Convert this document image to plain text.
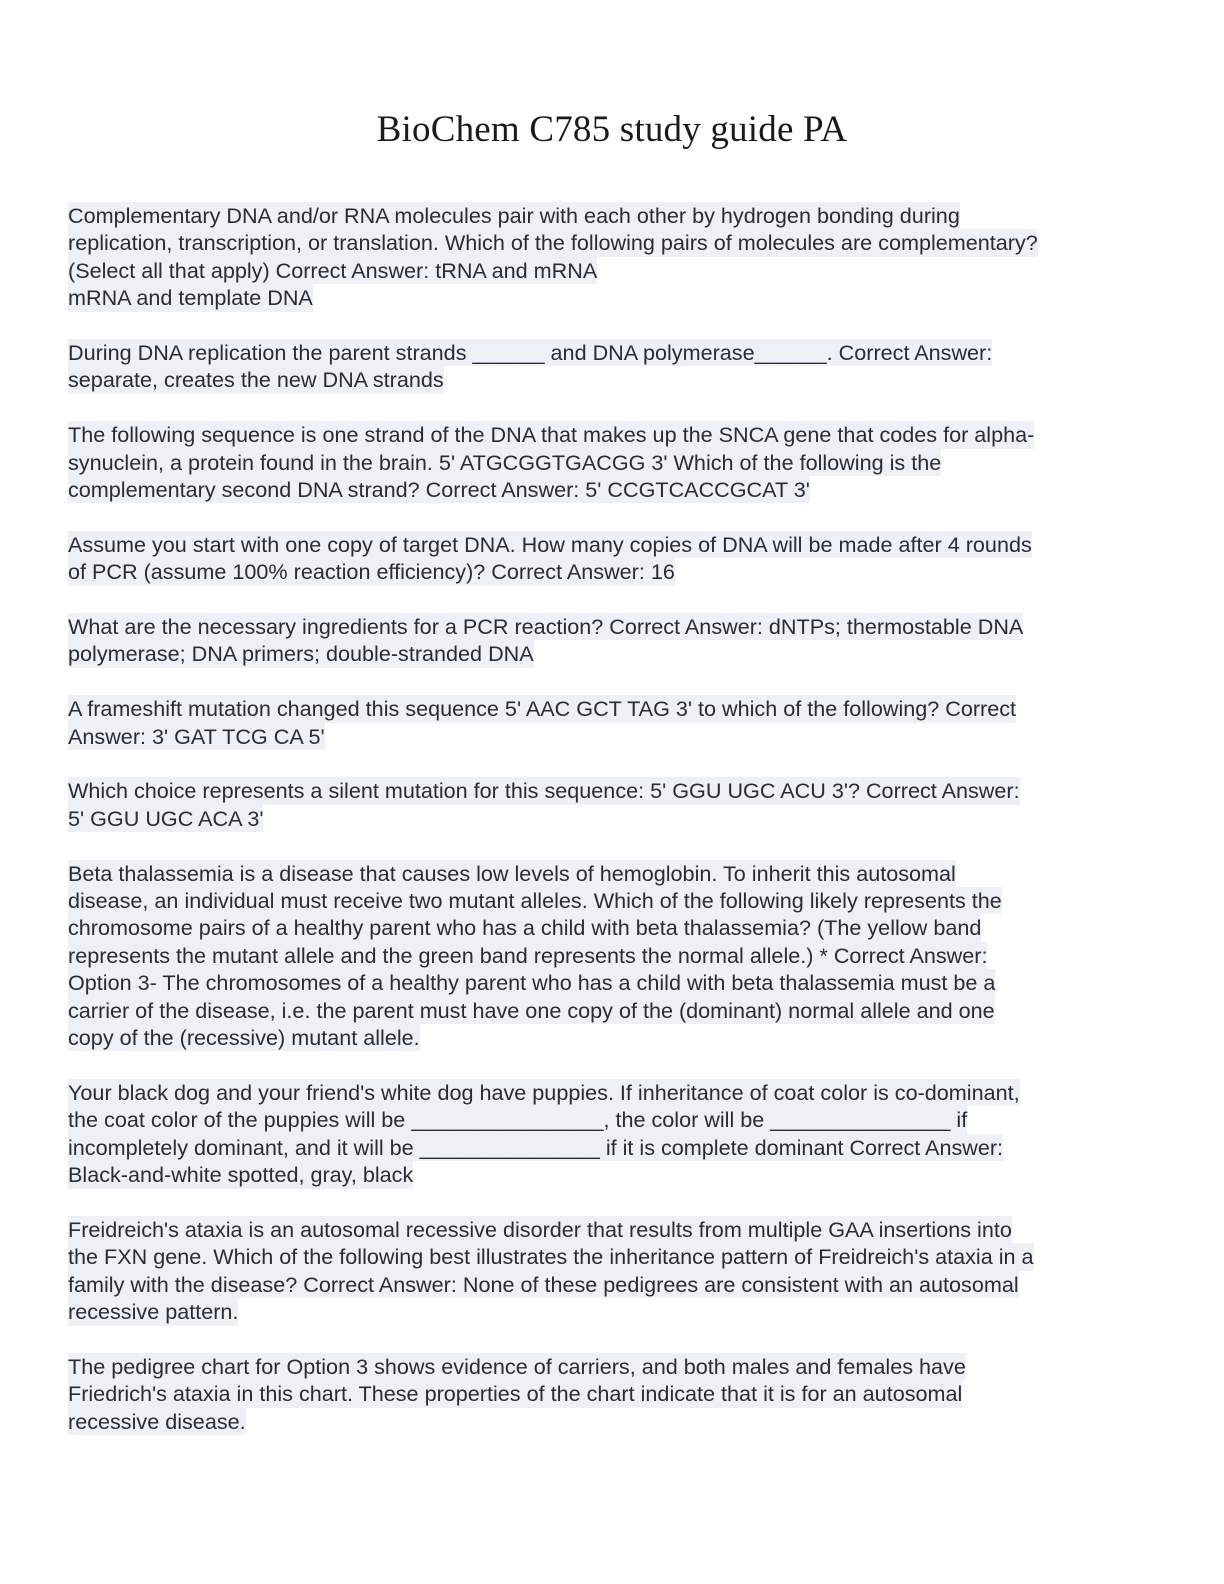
BioChem C785 study guide PA
Complementary DNA and/or RNA molecules pair with each other by hydrogen bonding during
replication, transcription, or translation. Which of the following pairs of molecules are complementary?
(Select all that apply) Correct Answer: tRNA and mRNA
mRNA and template DNA
During DNA replication the parent strands ______ and DNA polymerase______. Correct Answer:
separate, creates the new DNA strands
The following sequence is one strand of the DNA that makes up the SNCA gene that codes for alpha-
synuclein, a protein found in the brain. 5' ATGCGGTGACGG 3' Which of the following is the
complementary second DNA strand? Correct Answer: 5' CCGTCACCGCAT 3'
Assume you start with one copy of target DNA. How many copies of DNA will be made after 4 rounds
of PCR (assume 100% reaction efficiency)? Correct Answer: 16
What are the necessary ingredients for a PCR reaction? Correct Answer: dNTPs; thermostable DNA
polymerase; DNA primers; double-stranded DNA
A frameshift mutation changed this sequence 5' AAC GCT TAG 3' to which of the following? Correct
Answer: 3' GAT TCG CA 5'
Which choice represents a silent mutation for this sequence: 5' GGU UGC ACU 3'? Correct Answer:
5' GGU UGC ACA 3'
Beta thalassemia is a disease that causes low levels of hemoglobin. To inherit this autosomal
disease, an individual must receive two mutant alleles. Which of the following likely represents the
chromosome pairs of a healthy parent who has a child with beta thalassemia? (The yellow band
represents the mutant allele and the green band represents the normal allele.) * Correct Answer:
Option 3- The chromosomes of a healthy parent who has a child with beta thalassemia must be a
carrier of the disease, i.e. the parent must have one copy of the (dominant) normal allele and one
copy of the (recessive) mutant allele.
Your black dog and your friend's white dog have puppies. If inheritance of coat color is co-dominant,
the coat color of the puppies will be ________________, the color will be _______________ if
incompletely dominant, and it will be _______________ if it is complete dominant Correct Answer:
Black-and-white spotted, gray, black
Freidreich's ataxia is an autosomal recessive disorder that results from multiple GAA insertions into
the FXN gene. Which of the following best illustrates the inheritance pattern of Freidreich's ataxia in a
family with the disease? Correct Answer: None of these pedigrees are consistent with an autosomal
recessive pattern.
The pedigree chart for Option 3 shows evidence of carriers, and both males and females have
Friedrich's ataxia in this chart. These properties of the chart indicate that it is for an autosomal
recessive disease.
